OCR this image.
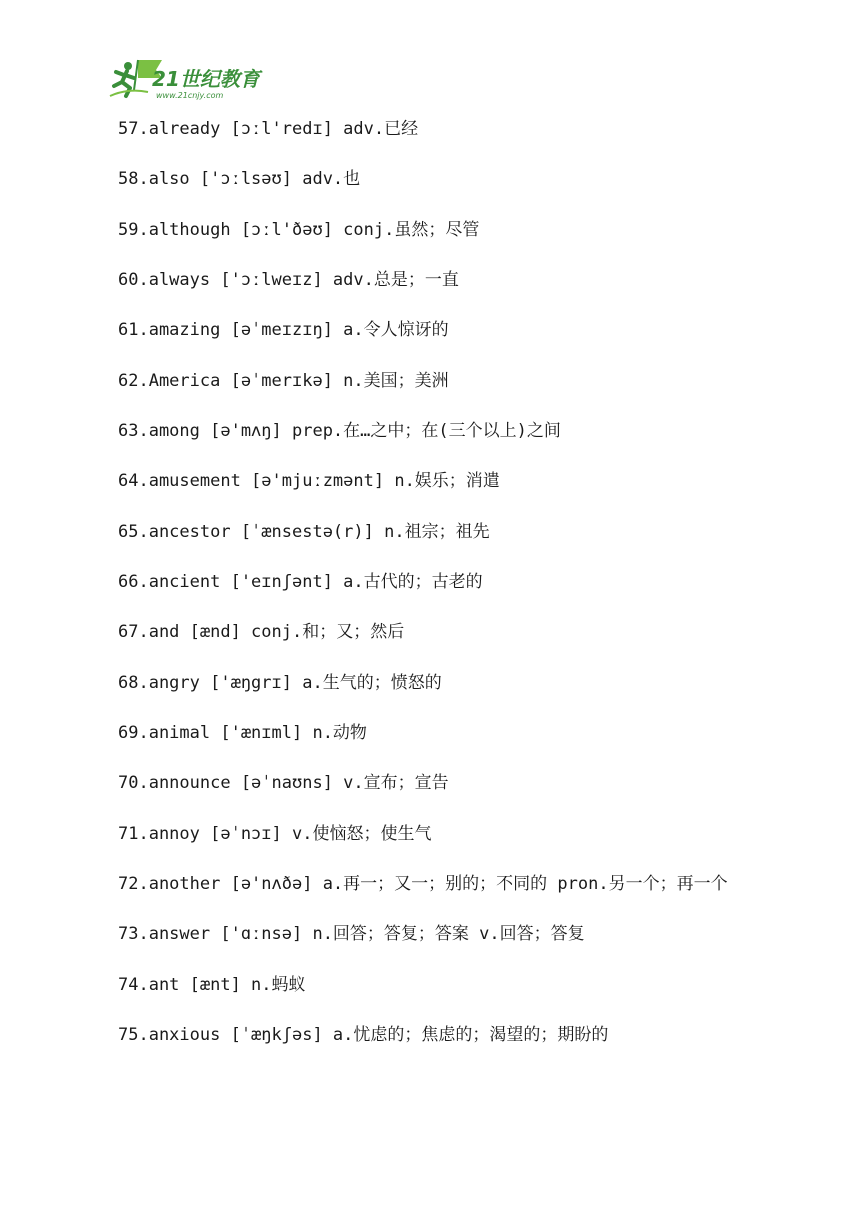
21世纪教育
www.21cnjy.com
57.already [ɔːl'redɪ] adv.已经
58.also ['ɔːlsəʊ] adv.也
59.although [ɔːl'ðəʊ] conj.虽然；尽管
60.always ['ɔːlweɪz] adv.总是；一直
61.amazing [əˈmeɪzɪŋ] a.令人惊讶的
62.America [əˈmerɪkə] n.美国；美洲
63.among [ə'mʌŋ] prep.在…之中；在(三个以上)之间
64.amusement [ə'mjuːzmənt] n.娱乐；消遣
65.ancestor [ˈænsestə(r)] n.祖宗；祖先
66.ancient ['eɪnʃənt] a.古代的；古老的
67.and [ænd] conj.和；又；然后
68.angry ['æŋgrɪ] a.生气的；愤怒的
69.animal ['ænɪml] n.动物
70.announce [əˈnaʊns] v.宣布；宣告
71.annoy [əˈnɔɪ] v.使恼怒；使生气
72.another [ə'nʌðə] a.再一；又一；别的；不同的 pron.另一个；再一个
73.answer ['ɑːnsə] n.回答；答复；答案 v.回答；答复
74.ant [ænt] n.蚂蚁
75.anxious [ˈæŋkʃəs] a.忧虑的；焦虑的；渴望的；期盼的
